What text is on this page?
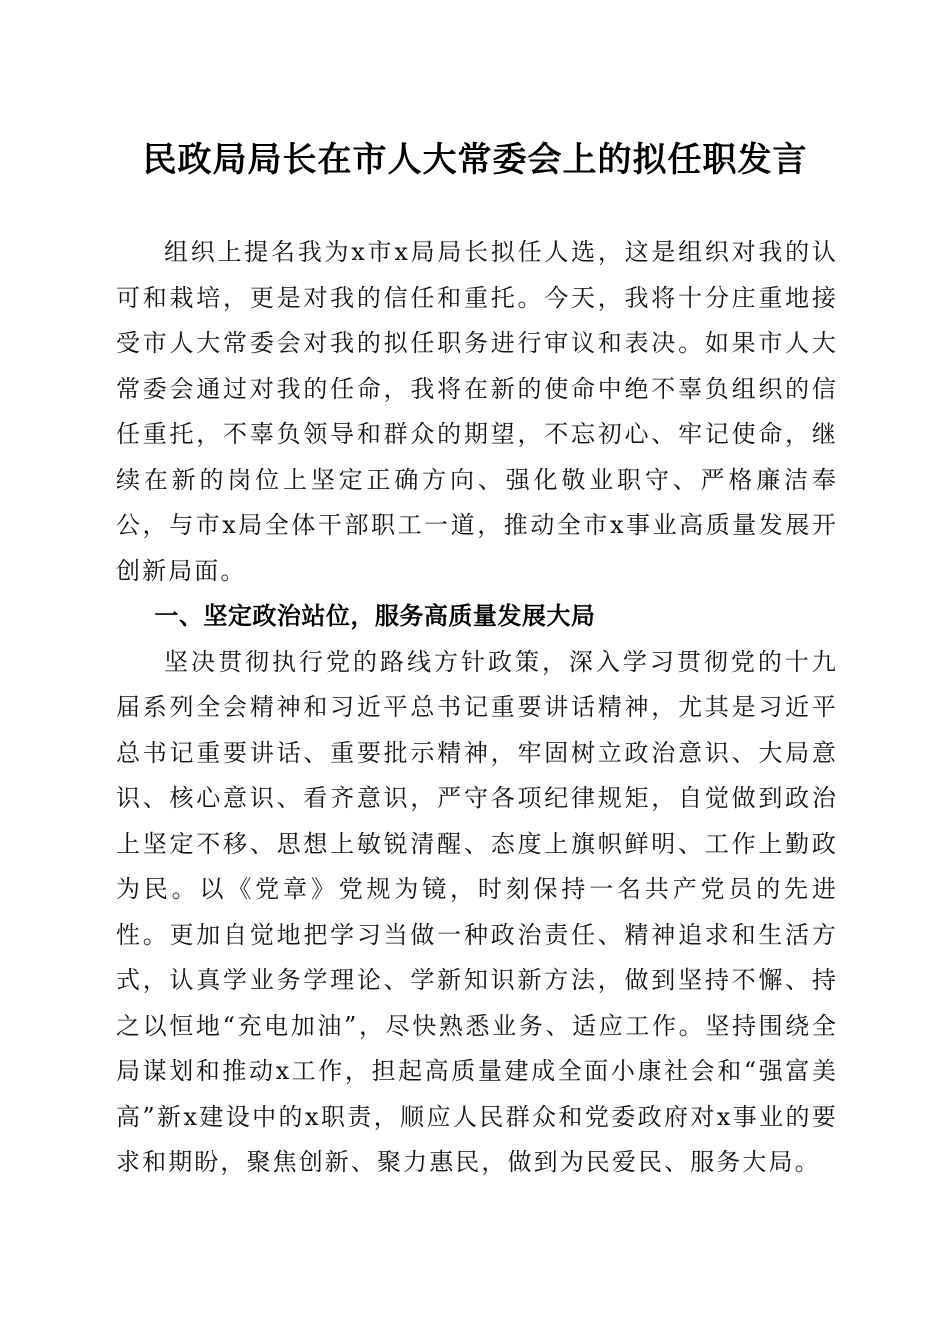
民政局局长在市人大常委会上的拟任职发言

组织上提名我为x市x局局长拟任人选，这是组织对我的认可和栽培，更是对我的信任和重托。今天，我将十分庄重地接受市人大常委会对我的拟任职务进行审议和表决。如果市人大常委会通过对我的任命，我将在新的使命中绝不辜负组织的信任重托，不辜负领导和群众的期望，不忘初心、牢记使命，继续在新的岗位上坚定正确方向、强化敬业职守、严格廉洁奉公，与市x局全体干部职工一道，推动全市x事业高质量发展开创新局面。

一、坚定政治站位，服务高质量发展大局

坚决贯彻执行党的路线方针政策，深入学习贯彻党的十九届系列全会精神和习近平总书记重要讲话精神，尤其是习近平总书记重要讲话、重要批示精神，牢固树立政治意识、大局意识、核心意识、看齐意识，严守各项纪律规矩，自觉做到政治上坚定不移、思想上敏锐清醒、态度上旗帜鲜明、工作上勤政为民。以《党章》党规为镜，时刻保持一名共产党员的先进性。更加自觉地把学习当做一种政治责任、精神追求和生活方式，认真学业务学理论、学新知识新方法，做到坚持不懈、持之以恒地“充电加油”，尽快熟悉业务、适应工作。坚持围绕全局谋划和推动x工作，担起高质量建成全面小康社会和“强富美高”新x建设中的x职责，顺应人民群众和党委政府对x事业的要求和期盼，聚焦创新、聚力惠民，做到为民爱民、服务大局。
